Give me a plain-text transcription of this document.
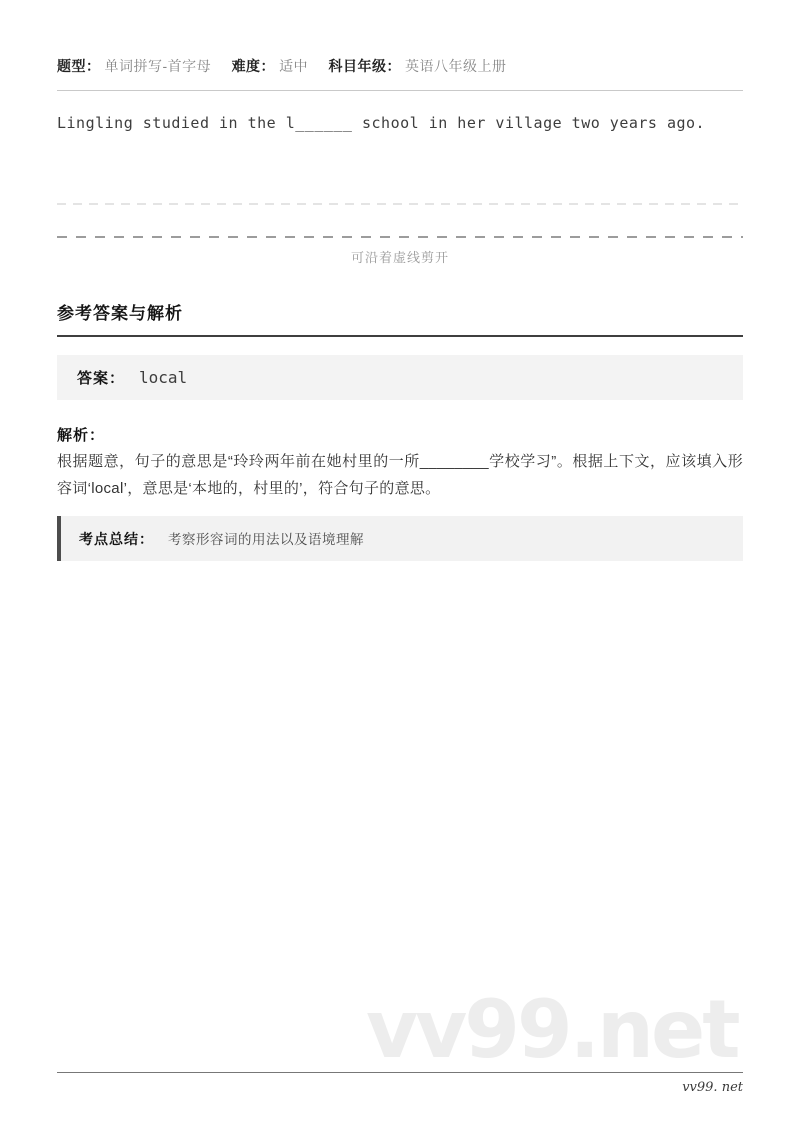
题型： 单词拼写-首字母 难度： 适中 科目年级： 英语八年级上册
Lingling studied in the l______ school in her village two years ago.
可沿着虚线剪开
参考答案与解析
答案： local
解析：
根据题意，句子的意思是“玲玲两年前在她村里的一所________学校学习”。根据上下文，应该填入形容词‘local’，意思是‘本地的，村里的’，符合句子的意思。
考点总结： 考察形容词的用法以及语境理解
vv99.net
vv99. net
